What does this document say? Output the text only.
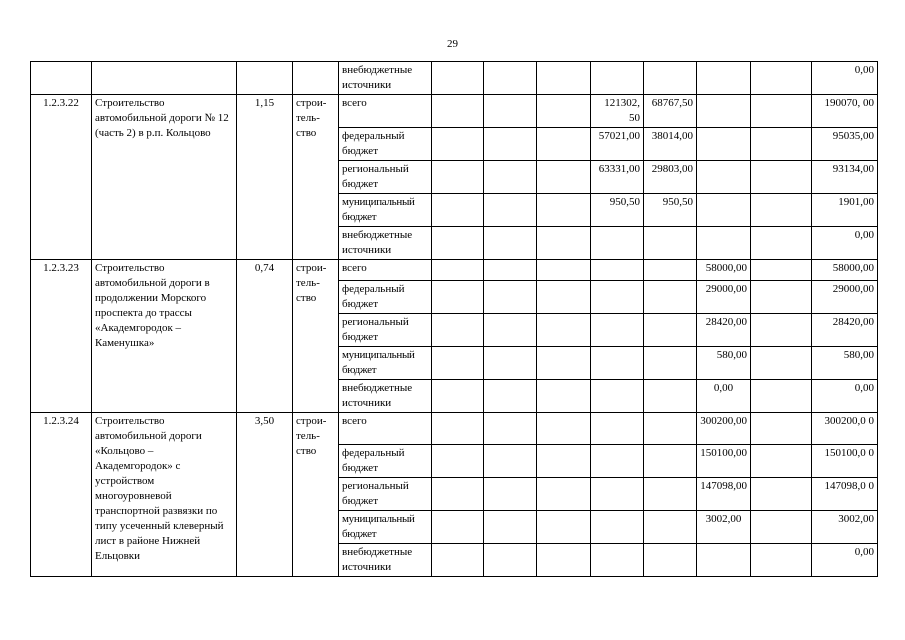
29
				внебюджетные источники								0,00
1.2.3.22	Строительство автомобильной дороги № 12 (часть 2) в р.п. Кольцово	1,15	строи-тель-ство	всего				121302, 50	68767,50			190070, 00
				федеральный бюджет				57021,00	38014,00			95035,00
				региональный бюджет				63331,00	29803,00			93134,00
				муниципальный бюджет				950,50	950,50			1901,00
				внебюджетные источники								0,00
1.2.3.23	Строительство автомобильной дороги в продолжении Морского проспекта до трассы «Академгородок – Каменушка»	0,74	строи-тель-ство	всего						58000,00		58000,00
				федеральный бюджет						29000,00		29000,00
				региональный бюджет						28420,00		28420,00
				муниципальный бюджет						580,00		580,00
				внебюджетные источники						0,00		0,00
1.2.3.24	Строительство автомобильной дороги «Кольцово – Академгородок» с устройством многоуровневой транспортной развязки по типу усеченный клеверный лист в районе Нижней Ельцовки	3,50	строи-тель-ство	всего						300200,00		300200,0 0
				федеральный бюджет						150100,00		150100,0 0
				региональный бюджет						147098,00		147098,0 0
				муниципальный бюджет						3002,00		3002,00
				внебюджетные источники								0,00
